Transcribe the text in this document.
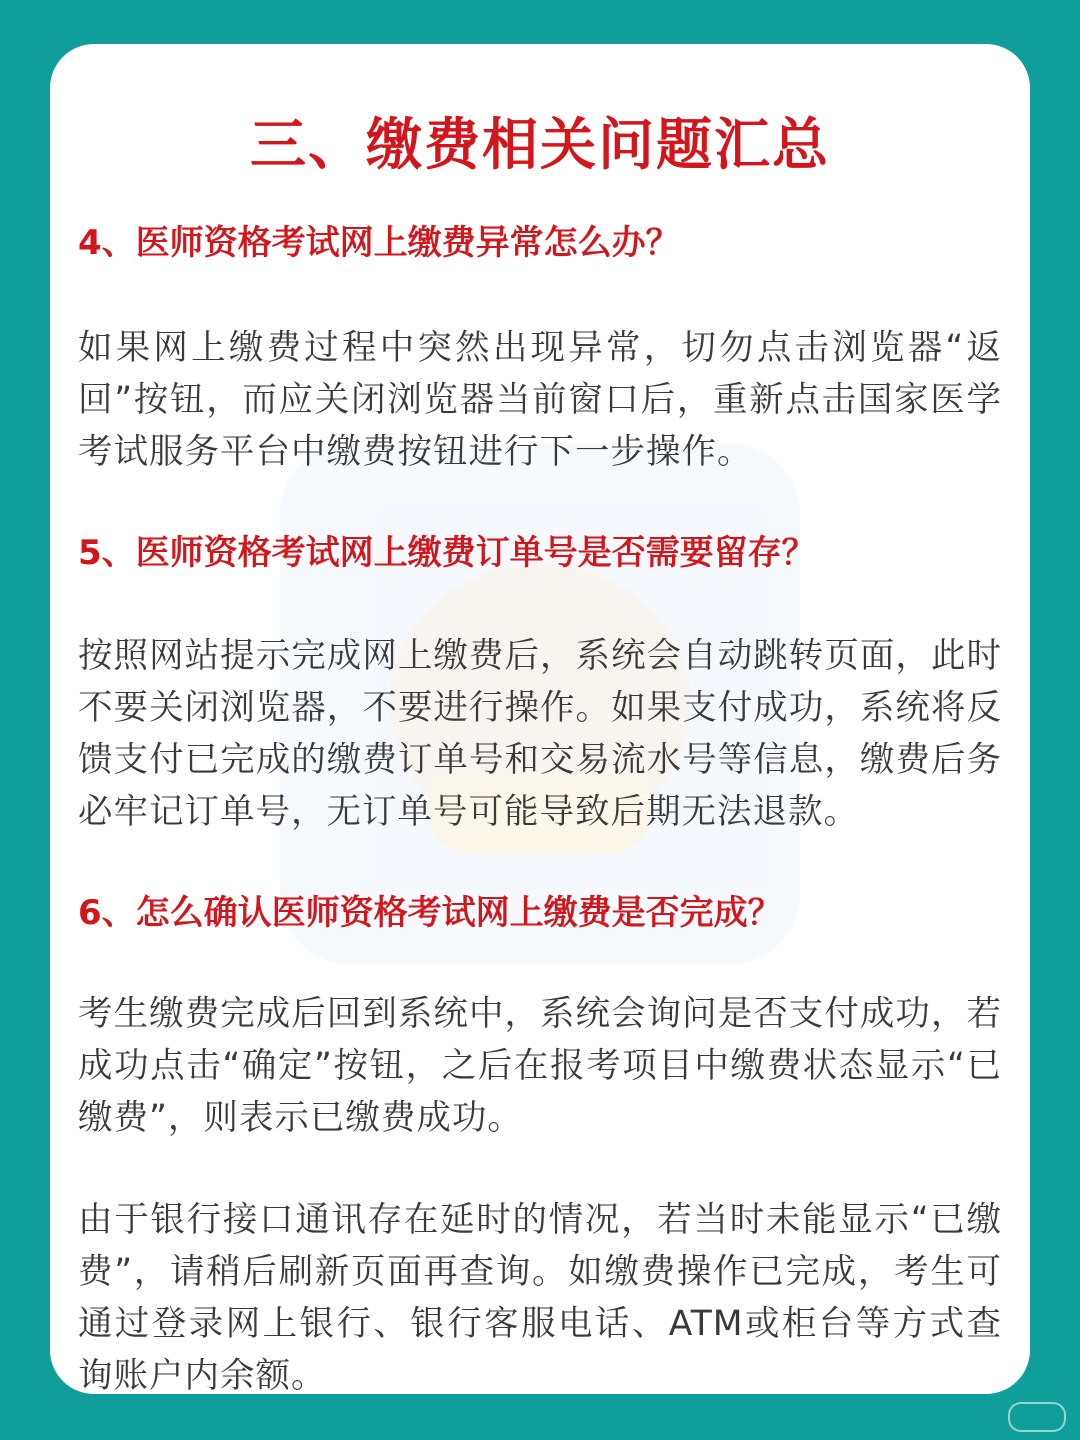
三、缴费相关问题汇总
4、医师资格考试网上缴费异常怎么办？
如果网上缴费过程中突然出现异常，切勿点击浏览器“返回”按钮，而应关闭浏览器当前窗口后，重新点击国家医学考试服务平台中缴费按钮进行下一步操作。
5、医师资格考试网上缴费订单号是否需要留存？
按照网站提示完成网上缴费后，系统会自动跳转页面，此时不要关闭浏览器，不要进行操作。如果支付成功，系统将反馈支付已完成的缴费订单号和交易流水号等信息，缴费后务必牢记订单号，无订单号可能导致后期无法退款。
6、怎么确认医师资格考试网上缴费是否完成？
考生缴费完成后回到系统中，系统会询问是否支付成功，若成功点击“确定”按钮，之后在报考项目中缴费状态显示“已缴费”，则表示已缴费成功。
由于银行接口通讯存在延时的情况，若当时未能显示“已缴费”，请稍后刷新页面再查询。如缴费操作已完成，考生可通过登录网上银行、银行客服电话、ATM或柜台等方式查询账户内余额。
